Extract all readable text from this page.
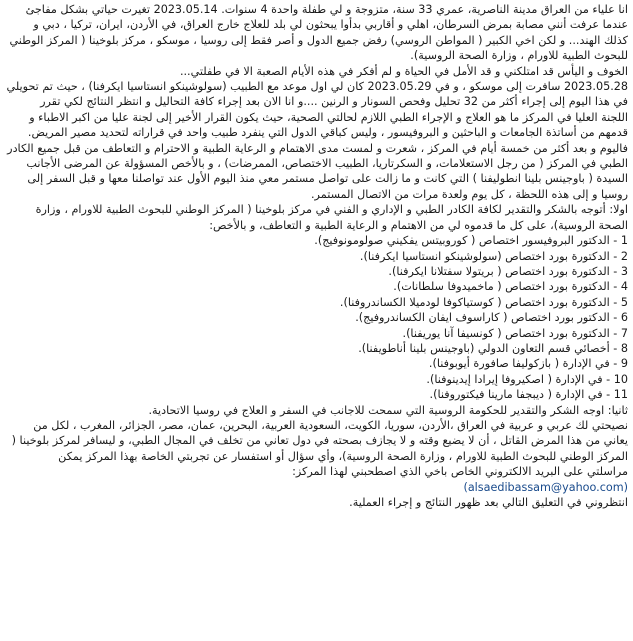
انا علياء من العراق مدينة الناصرية، عمري 33 سنة، متزوجة و لي طفلة واحدة 4 سنوات. 2023.05.14 تغيرت حياتي بشكل مفاجئ
عندما عرفت أنني مصابة بمرض السرطان، اهلي و أقاربي بدأوا يبحثون لي بلد للعلاج خارج العراق، في الأردن، ايران، تركيا ، دبي و
كذلك الهند... و لكن اخي الكبير ( المواطن الروسي) رفض جميع الدول و أصر فقط إلى روسيا ، موسكو ، مركز بلوخينا ( المركز الوطني
للبحوث الطبية للاورام ، وزارة الصحة الروسية).
الخوف و اليأس قد امتلكني و قد الأمل في الحياة و لم أفكر في هذه الأيام الصعبة الا في طفلتي...
2023.05.28 سافرت إلى موسكو ، و في 2023.05.29 كان لي اول موعد مع الطبيب (سولوشينكو انستاسيا ايكرفنا) ، حيث تم تحويلي
في هذا اليوم إلى إجراء أكثر من 32 تحليل وفحص السونار و الرنين ....و انا الان بعد إجراء كافة التحاليل و انتظر النتائج لكي تقرر
اللجنة العليا في المركز ما هو العلاج و الإجراء الطبي اللازم لحالتي الصحية، حيث يكون القرار الأخير إلى لجنة عليا من اكبر الاطباء و
قدمهم من أساتذة الجامعات و الباحثين و البروفيسور ، وليس كباقي الدول التي ينفرد طبيب واحد في قراراته لتحديد مصير المريض.
فاليوم و بعد أكثر من خمسة أيام في المركز ، شعرت و لمست مدى الاهتمام و الرعاية الطبية و الاحترام و التعاطف من قبل جميع الكادر
الطبي في المركز ( من رجل الاستعلامات، و السكرتاريا، الطبيب الاختصاص، الممرضات) ، و بالأخص المسؤولة عن المرضى الأجانب
السيدة ( باوجينس بلينا انطوليفنا ) التي كانت و ما زالت على تواصل مستمر معي منذ اليوم الأول عند تواصلنا معها و قبل السفر إلى
روسيا و إلى هذه اللحظة ، كل يوم ولعدة مرات من الاتصال المستمر.
اولا: أتوجه بالشكر والتقدير لكافة الكادر الطبي و الإداري و الفني في مركز بلوخينا ( المركز الوطني للبحوث الطبية للاورام ، وزارة
الصحة الروسية)، على كل ما قدموه لي من الاهتمام و الرعاية الطبية و التعاطف، و بالأخص:
1 - الدكتور البروفيسور اختصاص ( كوروبيتس يفكيني صولومونوفيج).
2 - الدكتورة بورد اختصاص (سولوشينكو انستاسيا ايكرفنا).
3 - الدكتورة بورد اختصاص ( بريتولا سفتلانا ايكرفنا).
4 - الدكتورة بورد اختصاص ( ماخميدوفا سلطانات).
5 - الدكتورة بورد اختصاص ( كوستياكوفا لودميلا الكساندروفنا).
6 - الدكتور بورد اختصاص ( كاراسوف ايفان الكساندروفيج).
7 - الدكتورة بورد اختصاص ( كونسيفا آنا يوريفنا).
8 - أخصائي قسم التعاون الدولي (باوجينس بلينا أناطويفنا).
9 - في الإدارة ( بازكوليفا صافورة أيوبوفنا).
10 - في الإدارة ( اصكيروفا إيرادا إيدينوفنا).
11 - في الإدارة ( ديبجفا مارينا فيكتوروفنا).
ثانيا: اوجه الشكر والتقدير للحكومة الروسية التي سمحت للاجانب في السفر و العلاج في روسيا الاتحادية.
نصيحتي لك عربي و عربية في العراق ،الأردن، سوريا، الكويت، السعودية العربية، البحرين، عمان، مصر، الجزائر، المغرب ، لكل من
يعاني من هذا المرض القاتل ، أن لا يضيع وقته و لا يجازف بصحته في دول تعاني من تخلف في المجال الطبي، و ليسافر لمركز بلوخينا (
المركز الوطني للبحوث الطبية للاورام ، وزارة الصحة الروسية)، وأي سؤال أو استفسار عن تجربتي الخاصة بهذا المركز يمكن
مراسلتي على البريد الالكتروني الخاص باخي الذي اصطحبني لهذا المركز:
(alsaedibassam@yahoo.com)
انتظروني في التعليق التالي بعد ظهور النتائج و إجراء العملية.
